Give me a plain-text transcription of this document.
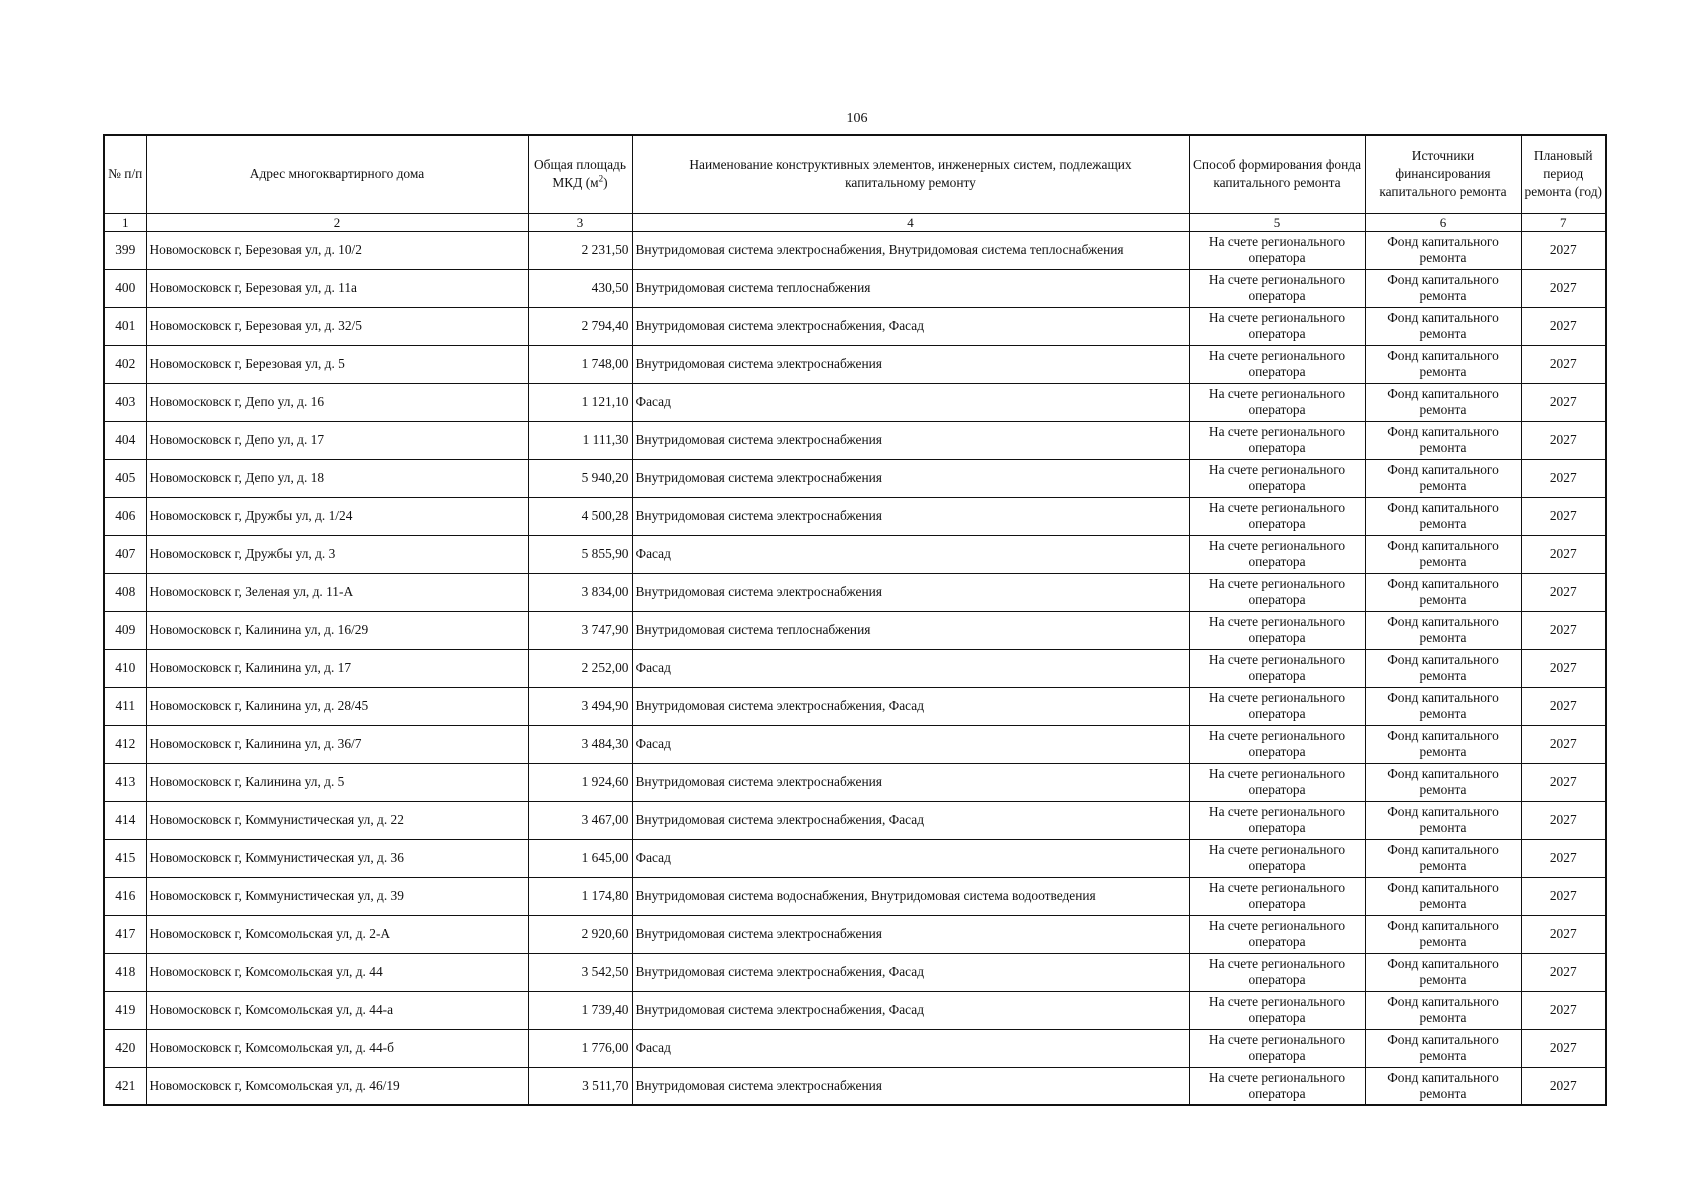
106
№ п/п	Адрес многоквартирного дома	Общая площадь МКД $(м^2)$	Наименование конструктивных элементов, инженерных систем, подлежащих капитальному ремонту	Способ формирования фонда капитального ремонта	Источники финансирования капитального ремонта	Плановый период ремонта (год)
1	2	3	4	5	6	7
399	Новомосковск г, Березовая ул, д. 10/2	2 231,50	Внутридомовая система электроснабжения, Внутридомовая система теплоснабжения	На счете регионального оператора	Фонд капитального ремонта	2027
400	Новомосковск г, Березовая ул, д. 11а	430,50	Внутридомовая система теплоснабжения	На счете регионального оператора	Фонд капитального ремонта	2027
401	Новомосковск г, Березовая ул, д. 32/5	2 794,40	Внутридомовая система электроснабжения, Фасад	На счете регионального оператора	Фонд капитального ремонта	2027
402	Новомосковск г, Березовая ул, д. 5	1 748,00	Внутридомовая система электроснабжения	На счете регионального оператора	Фонд капитального ремонта	2027
403	Новомосковск г, Депо ул, д. 16	1 121,10	Фасад	На счете регионального оператора	Фонд капитального ремонта	2027
404	Новомосковск г, Депо ул, д. 17	1 111,30	Внутридомовая система электроснабжения	На счете регионального оператора	Фонд капитального ремонта	2027
405	Новомосковск г, Депо ул, д. 18	5 940,20	Внутридомовая система электроснабжения	На счете регионального оператора	Фонд капитального ремонта	2027
406	Новомосковск г, Дружбы ул, д. 1/24	4 500,28	Внутридомовая система электроснабжения	На счете регионального оператора	Фонд капитального ремонта	2027
407	Новомосковск г, Дружбы ул, д. 3	5 855,90	Фасад	На счете регионального оператора	Фонд капитального ремонта	2027
408	Новомосковск г, Зеленая ул, д. 11-А	3 834,00	Внутридомовая система электроснабжения	На счете регионального оператора	Фонд капитального ремонта	2027
409	Новомосковск г, Калинина ул, д. 16/29	3 747,90	Внутридомовая система теплоснабжения	На счете регионального оператора	Фонд капитального ремонта	2027
410	Новомосковск г, Калинина ул, д. 17	2 252,00	Фасад	На счете регионального оператора	Фонд капитального ремонта	2027
411	Новомосковск г, Калинина ул, д. 28/45	3 494,90	Внутридомовая система электроснабжения, Фасад	На счете регионального оператора	Фонд капитального ремонта	2027
412	Новомосковск г, Калинина ул, д. 36/7	3 484,30	Фасад	На счете регионального оператора	Фонд капитального ремонта	2027
413	Новомосковск г, Калинина ул, д. 5	1 924,60	Внутридомовая система электроснабжения	На счете регионального оператора	Фонд капитального ремонта	2027
414	Новомосковск г, Коммунистическая ул, д. 22	3 467,00	Внутридомовая система электроснабжения, Фасад	На счете регионального оператора	Фонд капитального ремонта	2027
415	Новомосковск г, Коммунистическая ул, д. 36	1 645,00	Фасад	На счете регионального оператора	Фонд капитального ремонта	2027
416	Новомосковск г, Коммунистическая ул, д. 39	1 174,80	Внутридомовая система водоснабжения, Внутридомовая система водоотведения	На счете регионального оператора	Фонд капитального ремонта	2027
417	Новомосковск г, Комсомольская ул, д. 2-А	2 920,60	Внутридомовая система электроснабжения	На счете регионального оператора	Фонд капитального ремонта	2027
418	Новомосковск г, Комсомольская ул, д. 44	3 542,50	Внутридомовая система электроснабжения, Фасад	На счете регионального оператора	Фонд капитального ремонта	2027
419	Новомосковск г, Комсомольская ул, д. 44-а	1 739,40	Внутридомовая система электроснабжения, Фасад	На счете регионального оператора	Фонд капитального ремонта	2027
420	Новомосковск г, Комсомольская ул, д. 44-б	1 776,00	Фасад	На счете регионального оператора	Фонд капитального ремонта	2027
421	Новомосковск г, Комсомольская ул, д. 46/19	3 511,70	Внутридомовая система электроснабжения	На счете регионального оператора	Фонд капитального ремонта	2027
